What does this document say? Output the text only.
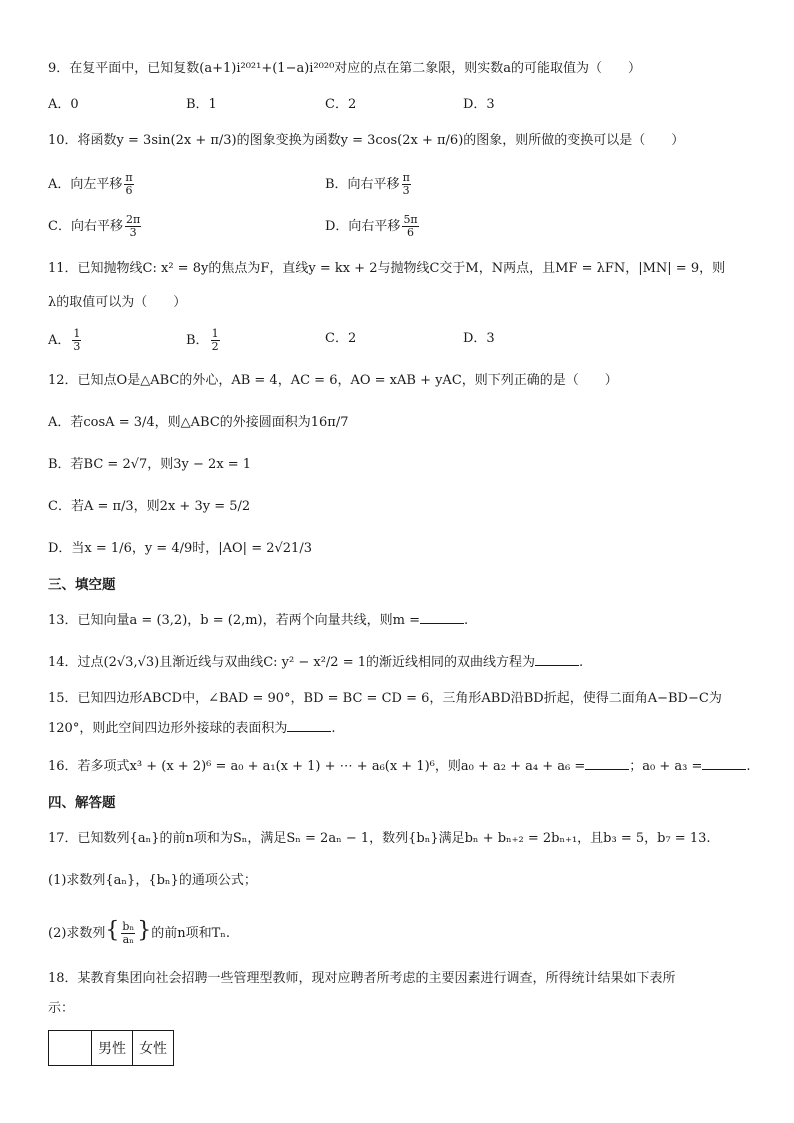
9．在复平面中，已知复数(a+1)i²⁰²¹+(1−a)i²⁰²⁰对应的点在第二象限，则实数a的可能取值为（　　）
A．0	B．1	C．2	D．3
10．将函数y = 3sin(2x + π/3)的图象变换为函数y = 3cos(2x + π/6)的图象，则所做的变换可以是（　　）
A．向左平移 $\frac{\pi}{6}$	B．向右平移 $\frac{\pi}{3}$
C．向右平移 $\frac{2\pi}{3}$	D．向右平移 $\frac{5\pi}{6}$
11．已知抛物线C: x² = 8y的焦点为F，直线y = kx + 2与抛物线C交于M，N两点，且MF = λFN，|MN| = 9，则
λ的取值可以为（　　）
A． $\frac{1}{3}$	B． $\frac{1}{2}$	C．2	D．3
12．已知点O是△ABC的外心，AB = 4，AC = 6，AO = xAB + yAC，则下列正确的是（　　）
A．若cosA = 3/4，则△ABC的外接圆面积为16π/7
B．若BC = 2√7，则3y − 2x = 1
C．若A = π/3，则2x + 3y = 5/2
D．当x = 1/6，y = 4/9时，|AO| = 2√21/3
三、填空题
13．已知向量a = (3,2)，b = (2,m)，若两个向量共线，则m =	.
14．过点(2√3,√3)且渐近线与双曲线C: y² − x²/2 = 1的渐近线相同的双曲线方程为	.
15．已知四边形ABCD中，∠BAD = 90°，BD = BC = CD = 6，三角形ABD沿BD折起，使得二面角A−BD−C为
120°，则此空间四边形外接球的表面积为	.
16．若多项式x³ + (x + 2)⁶ = a₀ + a₁(x + 1) + ⋯ + a₆(x + 1)⁶，则a₀ + a₂ + a₄ + a₆ =	；a₀ + a₃ =	.
四、解答题
17．已知数列{aₙ}的前n项和为Sₙ，满足Sₙ = 2aₙ − 1，数列{bₙ}满足bₙ + bₙ₊₂ = 2bₙ₊₁，且b₃ = 5，b₇ = 13.
(1)求数列{aₙ}，{bₙ}的通项公式；
(2)求数列{ $\frac{\text{bₙ}}{\text{aₙ}}$ }的前n项和Tₙ.
18．某教育集团向社会招聘一些管理型教师，现对应聘者所考虑的主要因素进行调查，所得统计结果如下表所
示：
	男性	女性
